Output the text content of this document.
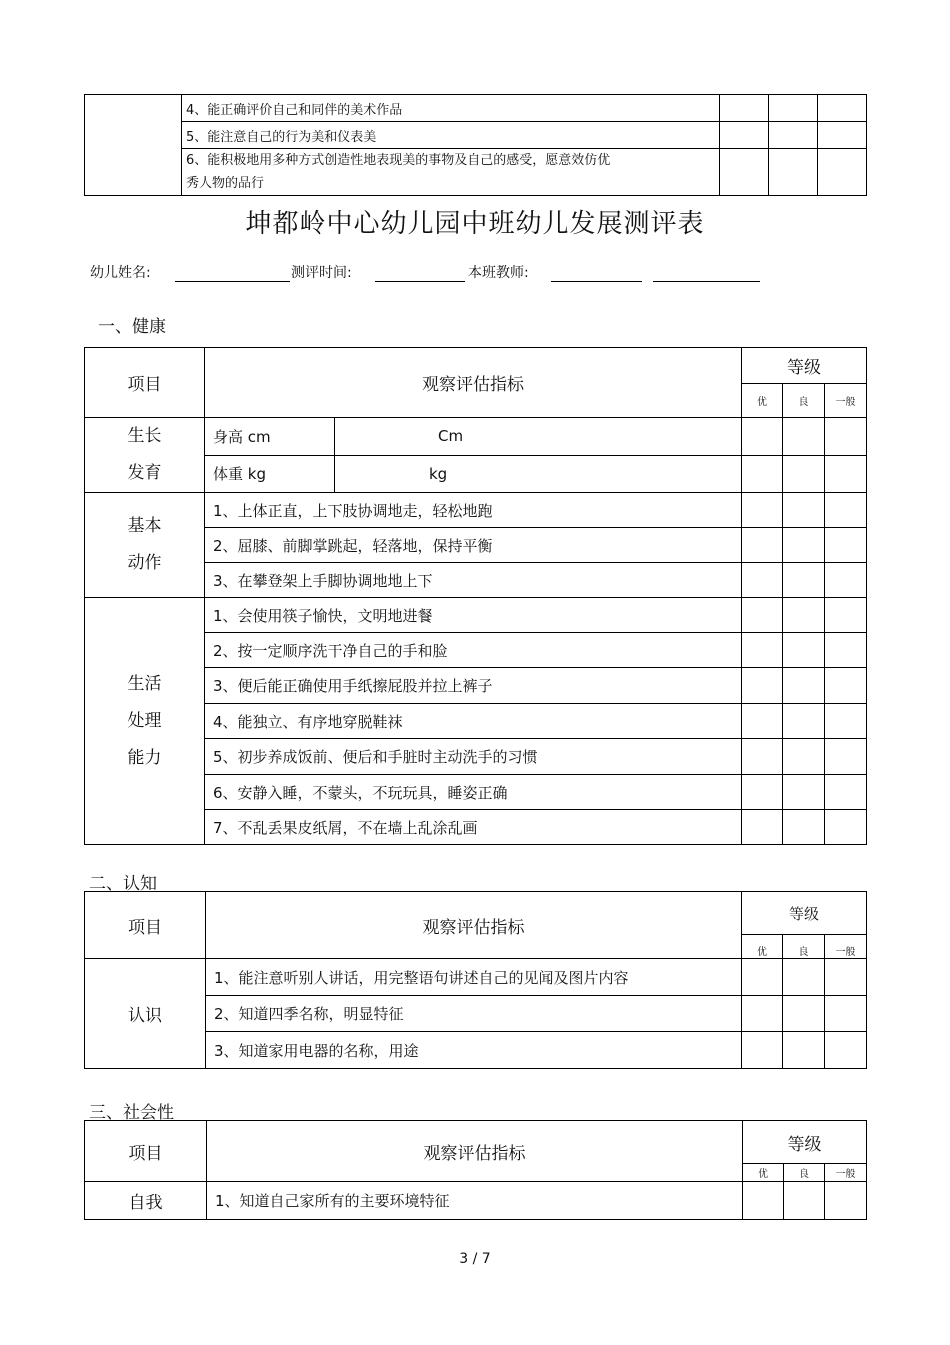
	4、能正确评价自己和同伴的美术作品			
	5、能注意自己的行为美和仪表美			

	6、能积极地用多种方式创造性地表现美的事物及自己的感受，愿意效仿优
秀人物的品行			

坤都岭中心幼儿园中班幼儿发展测评表
幼儿姓名:	测评时间:	本班教师:
一、健康
项目	观察评估指标		等级		
			优	良	一般

生长
发育	身高 cm	Cm			
	体重 kg	kg			

基本
动作	1、上体正直，上下肢协调地走，轻松地跑				
	2、屈膝、前脚掌跳起，轻落地，保持平衡				
	3、在攀登架上手脚协调地地上下				

生活
处理
能力	1、会使用筷子愉快，文明地进餐				
	2、按一定顺序洗干净自己的手和脸				
	3、便后能正确使用手纸擦屁股并拉上裤子				
	4、能独立、有序地穿脱鞋袜				
	5、初步养成饭前、便后和手脏时主动洗手的习惯				
	6、安静入睡，不蒙头，不玩玩具，睡姿正确				
	7、不乱丢果皮纸屑，不在墙上乱涂乱画				
二、认知
项目	观察评估指标	等级		
		优	良	一般
认识	1、能注意听别人讲话，用完整语句讲述自己的见闻及图片内容			
	2、知道四季名称，明显特征			
	3、知道家用电器的名称，用途			
三、社会性
项目	观察评估指标	等级		
		优	良	一般
自我	1、知道自己家所有的主要环境特征			
3 / 7
